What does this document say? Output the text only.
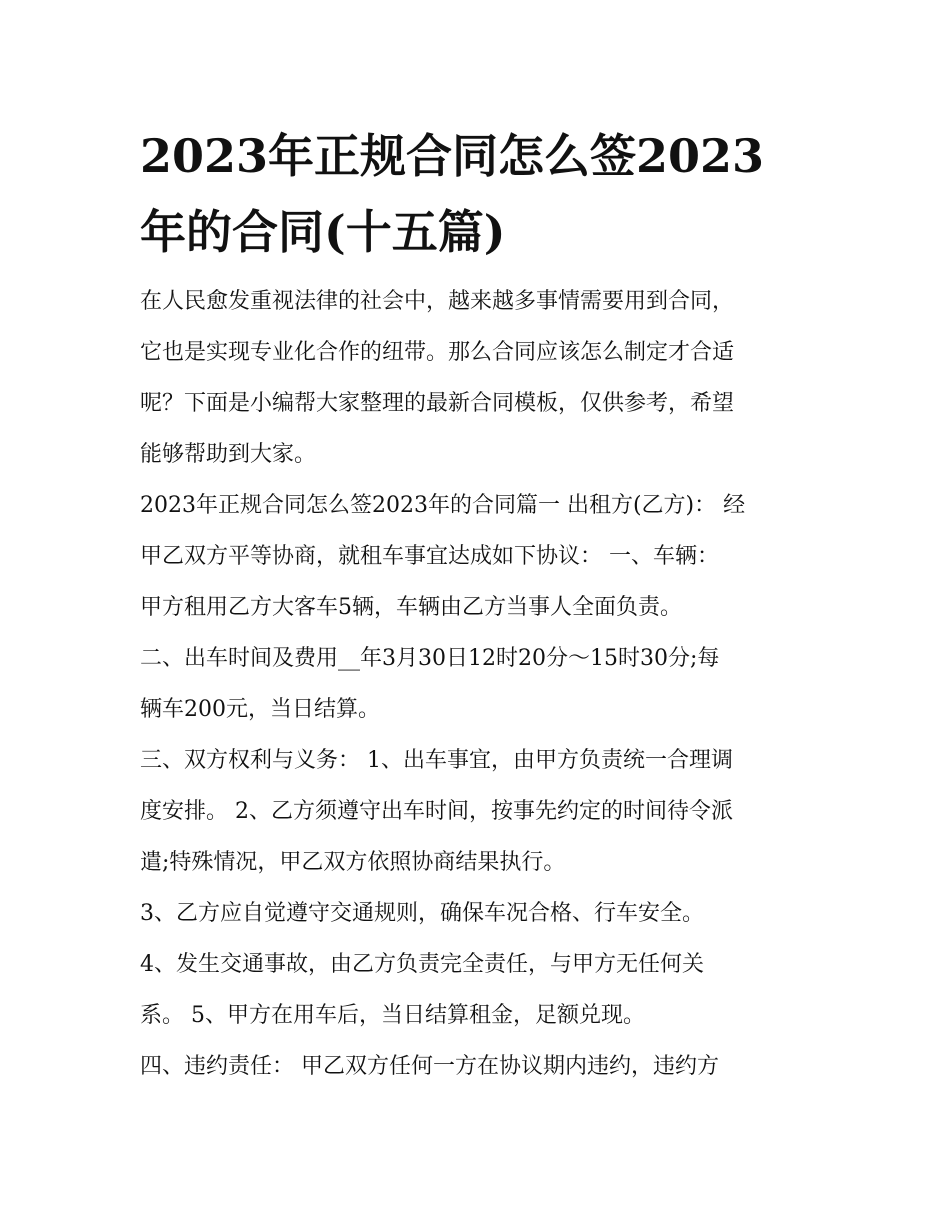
2023年正规合同怎么签2023
年的合同(十五篇)
在人民愈发重视法律的社会中，越来越多事情需要用到合同，
它也是实现专业化合作的纽带。那么合同应该怎么制定才合适
呢？下面是小编帮大家整理的最新合同模板，仅供参考，希望
能够帮助到大家。
2023年正规合同怎么签2023年的合同篇一 出租方(乙方)： 经
甲乙双方平等协商，就租车事宜达成如下协议： 一、车辆：
甲方租用乙方大客车5辆，车辆由乙方当事人全面负责。
二、出车时间及费用__年3月30日12时20分～15时30分;每
辆车200元，当日结算。
三、双方权利与义务： 1、出车事宜，由甲方负责统一合理调
度安排。 2、乙方须遵守出车时间，按事先约定的时间待令派
遣;特殊情况，甲乙双方依照协商结果执行。
3、乙方应自觉遵守交通规则，确保车况合格、行车安全。
4、发生交通事故，由乙方负责完全责任，与甲方无任何关
系。 5、甲方在用车后，当日结算租金，足额兑现。
四、违约责任： 甲乙双方任何一方在协议期内违约，违约方
